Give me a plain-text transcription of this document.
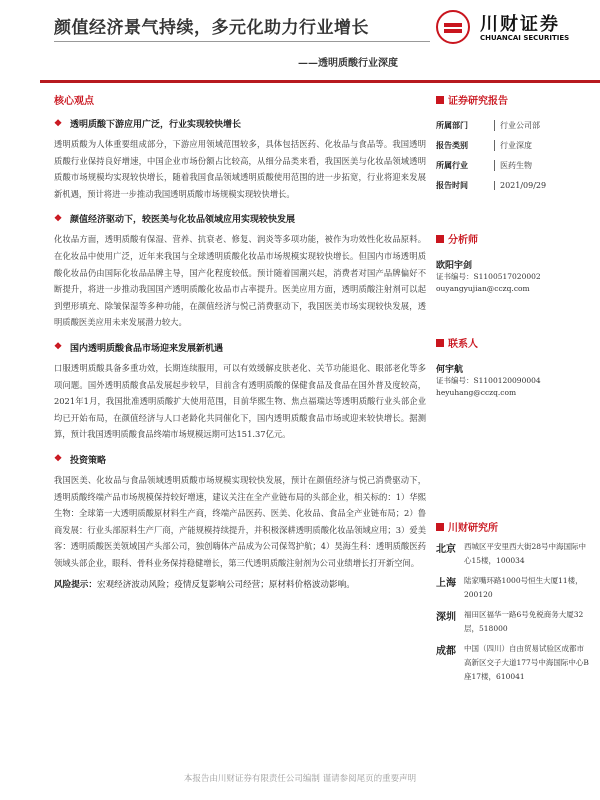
颜值经济景气持续，多元化助力行业增长
——透明质酸行业深度
川财证券
CHUANCAI SECURITIES
核心观点
❖ 透明质酸下游应用广泛，行业实现较快增长
透明质酸为人体重要组成部分，下游应用领域范围较多，具体包括医药、化妆品与食品等。我国透明质酸行业保持良好增速，中国企业市场份额占比较高，从细分品类来看，我国医美与化妆品领域透明质酸市场规模均实现较快增长，随着我国食品领域透明质酸使用范围的进一步拓宽，行业将迎来发展新机遇，预计将进一步推动我国透明质酸市场规模实现较快增长。
❖ 颜值经济驱动下，较医美与化妆品领域应用实现较快发展
化妆品方面，透明质酸有保湿、营养、抗衰老、修复、润炎等多项功能，被作为功效性化妆品原料。在化妆品中使用广泛，近年来我国与全球透明质酸化妆品市场规模实现较快增长。但国内市场透明质酸化妆品仍由国际化妆品品牌主导，国产化程度较低。预计随着国潮兴起，消费者对国产品牌偏好不断提升，将进一步推动我国国产透明质酸化妆品市占率提升。医美应用方面，透明质酸注射剂可以起到塑形填充、除皱保湿等多种功能，在颜值经济与悦己消费驱动下，我国医美市场实现较快发展，透明质酸医美应用未来发展潜力较大。
❖ 国内透明质酸食品市场迎来发展新机遇
口服透明质酸具备多重功效，长期连续服用，可以有效缓解皮肤老化、关节功能退化、眼部老化等多项问题。国外透明质酸食品发展起步较早，目前含有透明质酸的保健食品及食品在国外普及度较高，2021年1月，我国批准透明质酸扩大使用范围，目前华熙生物、焦点福瑞达等透明质酸行业头部企业均已开始布局，在颜值经济与人口老龄化共同催化下，国内透明质酸食品市场或迎来较快增长。据测算，预计我国透明质酸食品终端市场规模远期可达151.37亿元。
❖ 投资策略
我国医美、化妆品与食品领域透明质酸市场规模实现较快发展，预计在颜值经济与悦己消费驱动下，透明质酸终端产品市场规模保持较好增速，建议关注在全产业链布局的头部企业，相关标的：1）华熙生物：全球第一大透明质酸原材料生产商，终端产品医药、医美、化妆品、食品全产业链布局；2）鲁商发展：行业头部原料生产厂商，产能规模持续提升，并积极深耕透明质酸化妆品领域应用；3）爱美客：透明质酸医美领域国产头部公司，独创嗨体产品成为公司保驾护航；4）昊海生科：透明质酸医药领域头部企业，眼科、骨科业务保持稳健增长，第三代透明质酸注射剂为公司业绩增长打开新空间。
风险提示：宏观经济波动风险；疫情反复影响公司经营；原材料价格波动影响。
证券研究报告
所属部门	行业公司部
报告类别	行业深度
所属行业	医药生物
报告时间	2021/09/29
分析师
欧阳宇剑
证书编号：S1100517020002
ouyangyujian@cczq.com
联系人
何宇航
证书编号：S1100120090004
heyuhang@cczq.com
川财研究所
北京	西城区平安里西大街28号中海国际中心15楼，100034
上海	陆家嘴环路1000号恒生大厦11楼，200120
深圳	福田区福华一路6号免税商务大厦32层，518000
成都	中国（四川）自由贸易试验区成都市高新区交子大道177号中海国际中心B座17楼，610041
本报告由川财证券有限责任公司编制 谨请参阅尾页的重要声明
